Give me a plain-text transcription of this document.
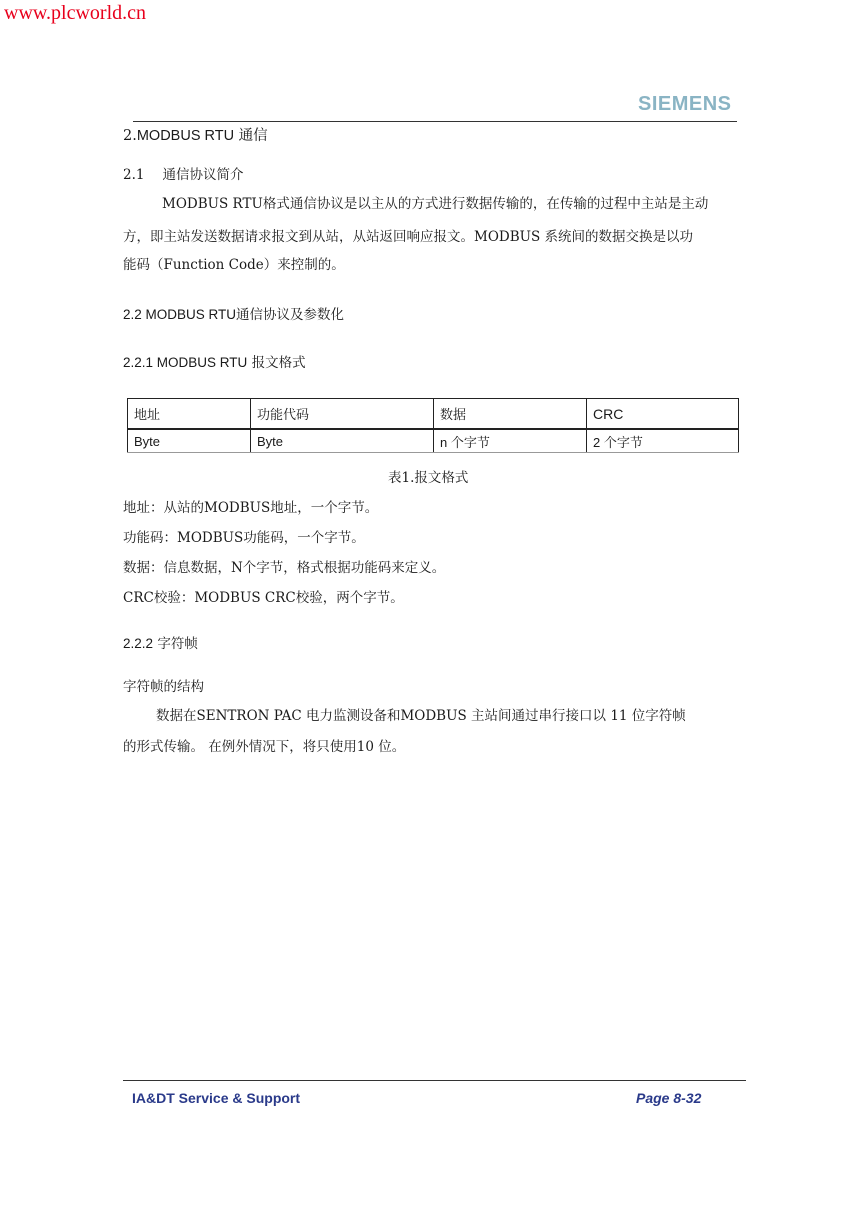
www.plcworld.cn
SIEMENS
2.MODBUS RTU 通信
2.1 通信协议简介
MODBUS RTU格式通信协议是以主从的方式进行数据传输的，在传输的过程中主站是主动
方，即主站发送数据请求报文到从站，从站返回响应报文。MODBUS 系统间的数据交换是以功
能码（Function Code）来控制的。
2.2 MODBUS RTU通信协议及参数化
2.2.1 MODBUS RTU 报文格式
地址	功能代码	数据	CRC
Byte	Byte	n 个字节	2 个字节
表1.报文格式
地址：从站的MODBUS地址，一个字节。
功能码：MODBUS功能码，一个字节。
数据：信息数据，N个字节，格式根据功能码来定义。
CRC校验：MODBUS CRC校验，两个字节。
2.2.2 字符帧
字符帧的结构
数据在SENTRON PAC 电力监测设备和MODBUS 主站间通过串行接口以 11 位字符帧
的形式传输。 在例外情况下，将只使用10 位。
IA&DT Service & Support	Page 8-32
